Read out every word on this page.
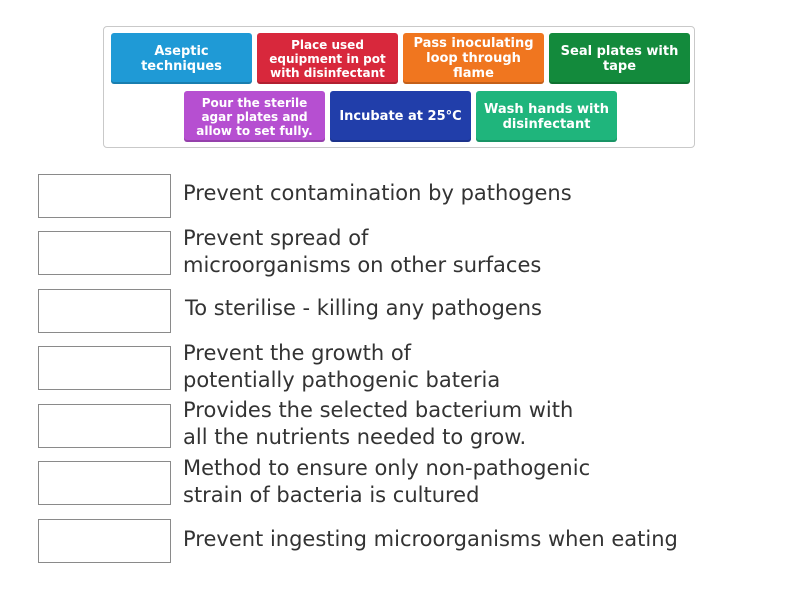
Aseptic techniques
Place used equipment in pot with disinfectant
Pass inoculating loop through flame
Seal plates with tape
Pour the sterile agar plates and allow to set fully.
Incubate at 25°C	Wash hands with disinfectant
Prevent contamination by pathogens
Prevent spread of
microorganisms on other surfaces
To sterilise - killing any pathogens
Prevent the growth of
potentially pathogenic bateria
Provides the selected bacterium with
all the nutrients needed to grow.
Method to ensure only non-pathogenic
strain of bacteria is cultured
Prevent ingesting microorganisms when eating
